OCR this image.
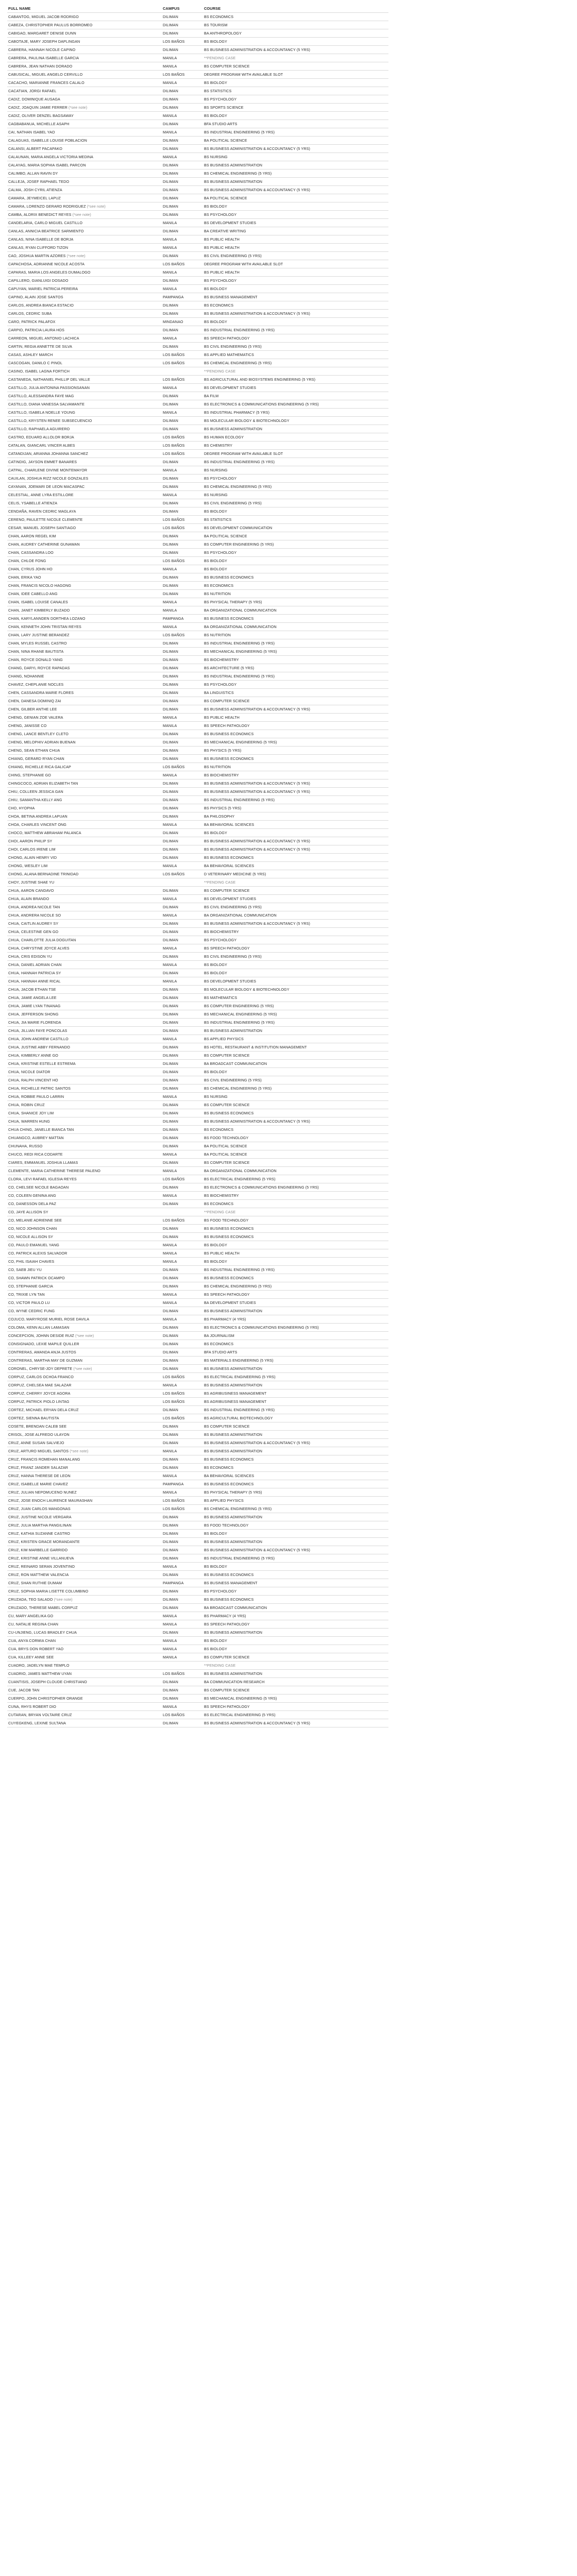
FULL NAME	CAMPUS	COURSE
CABANTOG, MIGUEL JACOB RODRIGO	DILIMAN	BS ECONOMICS
CABEZA, CHRISTOPHER PAULUS BORROMEO	DILIMAN	BS TOURISM
CABIGAO, MARGARET DENISE DUNN	DILIMAN	BA ANTHROPOLOGY
CABOTAJE, MARY JOSEPH DAPLINGAN	LOS BAÑOS	BS BIOLOGY
CABRERA, HANNAH NICOLE CAPINO	DILIMAN	BS BUSINESS ADMINISTRATION & ACCOUNTANCY (5 YRS)
CABRERA, PAULINA ISABELLE GARCIA	MANILA	**PENDING CASE
CABRERA, JEAN NATHAN DORADO	MANILA	BS COMPUTER SCIENCE
CABUSICAL, MIGUEL ANGELO CERVILLO	LOS BAÑOS	DEGREE PROGRAM WITH AVAILABLE SLOT
CACACHO, MARIANNE FRANCES CALALO	MANILA	BS BIOLOGY
CACATIAN, JORGI RAFAEL	DILIMAN	BS STATISTICS
CADIZ, DOMINIQUE AUSAGA	DILIMAN	BS PSYCHOLOGY
CADIZ, JOAQUIN JAMIE FERRER (*see note)	DILIMAN	BS SPORTS SCIENCE
CADIZ, OLIVER DENZEL BAGSAWAY	MANILA	BS BIOLOGY
CAGBABANUA, MICHELLE ASAPH	DILIMAN	BFA STUDIO ARTS
CAI, NATHAN ISABEL YAO	MANILA	BS INDUSTRIAL ENGINEERING (5 YRS)
CALAGUAS, ISABELLE LOUISE POBLACION	DILIMAN	BA POLITICAL SCIENCE
CALANSI, ALBERT PACAPAKO	DILIMAN	BS BUSINESS ADMINISTRATION & ACCOUNTANCY (5 YRS)
CALAUNAN, MARIA ANGELA VICTORIA MEDINA	MANILA	BS NURSING
CALAYAG, MARIA SOPHIA ISABEL PARCON	DILIMAN	BS BUSINESS ADMINISTRATION
CALIMBO, ALLAN RAVIN DY	DILIMAN	BS CHEMICAL ENGINEERING (5 YRS)
CALLEJA, JOSEF RAPHAEL TEDO	DILIMAN	BS BUSINESS ADMINISTRATION
CALMA, JOSH CYRIL ATIENZA	DILIMAN	BS BUSINESS ADMINISTRATION & ACCOUNTANCY (5 YRS)
CAMARA, JEYMEICEL LAPUZ	DILIMAN	BA POLITICAL SCIENCE
CAMARA, LORENZO GERARD RODRIGUEZ (*see note)	DILIMAN	BS BIOLOGY
CAMBA, ALDRIX BENEDICT REYES (*see note)	DILIMAN	BS PSYCHOLOGY
CANDELARIA, CARLO MIGUEL CASTILLO	MANILA	BS DEVELOPMENT STUDIES
CANLAS, ANNICIA BEATRICE SARMIENTO	DILIMAN	BA CREATIVE WRITING
CANLAS, NINA ISABELLE DE BORJA	MANILA	BS PUBLIC HEALTH
CANLAS, RYAN CLIFFORD TIZON	MANILA	BS PUBLIC HEALTH
CAO, JOSHUA MARTIN AZORES (*see note)	DILIMAN	BS CIVIL ENGINEERING (5 YRS)
CAPACHOSA, ADRIANNE NICOLE ACOSTA	LOS BAÑOS	DEGREE PROGRAM WITH AVAILABLE SLOT
CAPARAS, MARIA LOS ANGELES DUMALOGO	MANILA	BS PUBLIC HEALTH
CAPILLERO, GIANLUIGI DOSADO	DILIMAN	BS PSYCHOLOGY
CAPUYAN, MARIEL PATRICIA PEREIRA	MANILA	BS BIOLOGY
CAPINO, ALAIN JOSE SANTOS	PAMPANGA	BS BUSINESS MANAGEMENT
CARLOS, ANDREA BIANCA ESTACIO	DILIMAN	BS ECONOMICS
CARLOS, CEDRIC SUBA	DILIMAN	BS BUSINESS ADMINISTRATION & ACCOUNTANCY (5 YRS)
CARO, PATRICK PALAFOX	MINDANAO	BS BIOLOGY
CARPIO, PATRICIA LAURA HOS	DILIMAN	BS INDUSTRIAL ENGINEERING (5 YRS)
CARREON, MIGUEL ANTONIO LACHICA	MANILA	BS SPEECH PATHOLOGY
CARTIN, REGIA ANNETTE DE SILVA	DILIMAN	BS CIVIL ENGINEERING (5 YRS)
CASAS, ASHLEY MARCH	LOS BAÑOS	BS APPLIED MATHEMATICS
CASCOGAN, DANILO C PINOL	LOS BAÑOS	BS CHEMICAL ENGINEERING (5 YRS)
CASINO, ISABEL LAGNA FORTICH		**PENDING CASE
CASTANEDA, NATHANIEL PHILLIP DEL VALLE	LOS BAÑOS	BS AGRICULTURAL AND BIOSYSTEMS ENGINEERING (5 YRS)
CASTILLO, JULIA ANTONINA PASSIONSANAN	MANILA	BS DEVELOPMENT STUDIES
CASTILLO, ALESSANDRA FAYE MAG	DILIMAN	BA FILM
CASTILLO, DIANA VANESSA SALVAMANTE	DILIMAN	BS ELECTRONICS & COMMUNICATIONS ENGINEERING (5 YRS)
CASTILLO, ISABELA NOELLE YOUNG	MANILA	BS INDUSTRIAL PHARMACY (5 YRS)
CASTILLO, KRYSTEN RENEE SUBSECUENCIO	DILIMAN	BS MOLECULAR BIOLOGY & BIOTECHNOLOGY
CASTILLO, RAPHAELA AGUIRERO	DILIMAN	BS BUSINESS ADMINISTRATION
CASTRO, EDUARD ALLOLOR BORJA	LOS BAÑOS	BS HUMAN ECOLOGY
CATALAN, GIANCARL VINCER ALBES	LOS BAÑOS	BS CHEMISTRY
CATANDIJAN, ARIANNA JOHANNA SANCHEZ	LOS BAÑOS	DEGREE PROGRAM WITH AVAILABLE SLOT
CATINDIG, JAYSON EMMET BANARES	DILIMAN	BS INDUSTRIAL ENGINEERING (5 YRS)
CATPAL, CHARLENE DIVINE MONTEMAYOR	MANILA	BS NURSING
CAUILAN, JOSHUA RIZZ NICOLE GONZALES	DILIMAN	BS PSYCHOLOGY
CAYANAN, JOEMARI DE LEON MACASPAC	DILIMAN	BS CHEMICAL ENGINEERING (5 YRS)
CELESTIAL, ANNE LYRA ESTILLORE	MANILA	BS NURSING
CELIS, YSABELLE ATIENZA	DILIMAN	BS CIVIL ENGINEERING (5 YRS)
CENDAÑA, RAVEN CEDRIC MAGLAYA	DILIMAN	BS BIOLOGY
CERENO, PAULETTE NICOLE CLEMENTE	LOS BAÑOS	BS STATISTICS
CESAR, MANUEL JOSEPH SANTIAGO	LOS BAÑOS	BS DEVELOPMENT COMMUNICATION
CHAN, AARON REGEL KIM	DILIMAN	BA POLITICAL SCIENCE
CHAN, AUDREY CATHERINE GUNAWAN	DILIMAN	BS COMPUTER ENGINEERING (5 YRS)
CHAN, CASSANDRA LOO	DILIMAN	BS PSYCHOLOGY
CHAN, CHLOE FONG	LOS BAÑOS	BS BIOLOGY
CHAN, CYRUS JOHN HO	MANILA	BS BIOLOGY
CHAN, ERIKA YAO	DILIMAN	BS BUSINESS ECONOMICS
CHAN, FRANCIS NICOLO HAGONG	DILIMAN	BS ECONOMICS
CHAN, IDEE CABELLO ANG	DILIMAN	BS NUTRITION
CHAN, ISABEL LOUISE CANALES	MANILA	BS PHYSICAL THERAPY (5 YRS)
CHAN, JANET KIMBERLY BUZADO	MANILA	BA ORGANIZATIONAL COMMUNICATION
CHAN, KARYLANNDEN DORTHEA LOZANO	PAMPANGA	BS BUSINESS ECONOMICS
CHAN, KENNETH JOHN TRISTAN REYES	MANILA	BA ORGANIZATIONAL COMMUNICATION
CHAN, LARY JUSTINE BERANDEZ	LOS BAÑOS	BS NUTRITION
CHAN, MYLES RUSSEL CASTRO	DILIMAN	BS INDUSTRIAL ENGINEERING (5 YRS)
CHAN, NINA RHANE BAUTISTA	DILIMAN	BS MECHANICAL ENGINEERING (5 YRS)
CHAN, ROYCE DONALD YANG	DILIMAN	BS BIOCHEMISTRY
CHANG, DARYL ROYCE RAPADAS	DILIMAN	BS ARCHITECTURE (5 YRS)
CHANG, NOHANNIE	DILIMAN	BS INDUSTRIAL ENGINEERING (5 YRS)
CHAVEZ, CHEPLANIE NOCLES	DILIMAN	BS PSYCHOLOGY
CHEN, CASSANDRA MARIE FLORES	DILIMAN	BA LINGUISTICS
CHEN, DANESA DOMINIQ ZAI	DILIMAN	BS COMPUTER SCIENCE
CHEN, GILBER ANTHE LEE	DILIMAN	BS BUSINESS ADMINISTRATION & ACCOUNTANCY (5 YRS)
CHENG, GENIAN ZOE VALERA	MANILA	BS PUBLIC HEALTH
CHENG, JANISSE CO	MANILA	BS SPEECH PATHOLOGY
CHENG, LANCE BENTLEY CLETO	DILIMAN	BS BUSINESS ECONOMICS
CHENG, MELOPHIV ADRIAN BUENAN	DILIMAN	BS MECHANICAL ENGINEERING (5 YRS)
CHENG, SEAN ETHAN CHUA	DILIMAN	BS PHYSICS (5 YRS)
CHIANG, GERARD RYAN CHAN	DILIMAN	BS BUSINESS ECONOMICS
CHIANG, RICHELLE RICA GALICAP	LOS BAÑOS	BS NUTRITION
CHING, STEPHANIE GO	MANILA	BS BIOCHEMISTRY
CHINGCOCO, ADRIAN ELIZABETH TAN	DILIMAN	BS BUSINESS ADMINISTRATION & ACCOUNTANCY (5 YRS)
CHIU, COLLEEN JESSICA GAN	DILIMAN	BS BUSINESS ADMINISTRATION & ACCOUNTANCY (5 YRS)
CHIU, SAMANTHA KELLY ANG	DILIMAN	BS INDUSTRIAL ENGINEERING (5 YRS)
CHO, HYOPHA	DILIMAN	BS PHYSICS (5 YRS)
CHOA, BETINA ANDREA LAPUAN	DILIMAN	BA PHILOSOPHY
CHOA, CHARLES VINCENT ONG	MANILA	BA BEHAVIORAL SCIENCES
CHOCO, MATTHEW ABRAHAM PALANCA	DILIMAN	BS BIOLOGY
CHOI, AARON PHILIP SY	DILIMAN	BS BUSINESS ADMINISTRATION & ACCOUNTANCY (5 YRS)
CHOI, CARLOS IRENE LIM	DILIMAN	BS BUSINESS ADMINISTRATION & ACCOUNTANCY (5 YRS)
CHONG, ALAIN HENRY VID	DILIMAN	BS BUSINESS ECONOMICS
CHONG, WESLEY LIM	MANILA	BA BEHAVIORAL SCIENCES
CHONG, ALANA BERNADINE TRINIDAD	LOS BAÑOS	D VETERINARY MEDICINE (5 YRS)
CHOY, JUSTINE SHAE YU		**PENDING CASE
CHUA, AARON CANDAVO	DILIMAN	BS COMPUTER SCIENCE
CHUA, ALAIN BRANDO	MANILA	BS DEVELOPMENT STUDIES
CHUA, ANDREA NICOLE TAN	DILIMAN	BS CIVIL ENGINEERING (5 YRS)
CHUA, ANDRERA NICOLE SO	MANILA	BA ORGANIZATIONAL COMMUNICATION
CHUA, CAITLIN AUDREY SY	DILIMAN	BS BUSINESS ADMINISTRATION & ACCOUNTANCY (5 YRS)
CHUA, CELESTINE GEN GO	DILIMAN	BS BIOCHEMISTRY
CHUA, CHARLOTTE JULIA DOGUITAN	DILIMAN	BS PSYCHOLOGY
CHUA, CHRYSTINE JOYCE ALVES	MANILA	BS SPEECH PATHOLOGY
CHUA, CRIS EDISON YU	DILIMAN	BS CIVIL ENGINEERING (5 YRS)
CHUA, DANIEL ADRIAN CHAN	MANILA	BS BIOLOGY
CHUA, HANNAH PATRICIA SY	DILIMAN	BS BIOLOGY
CHUA, HANNAH ANNE RICAL	MANILA	BS DEVELOPMENT STUDIES
CHUA, JACOB ETHAN TSE	DILIMAN	BS MOLECULAR BIOLOGY & BIOTECHNOLOGY
CHUA, JAMIE ANGELA LEE	DILIMAN	BS MATHEMATICS
CHUA, JAMIE LYAN TINANAG	DILIMAN	BS COMPUTER ENGINEERING (5 YRS)
CHUA, JEFFERSON SHONG	DILIMAN	BS MECHANICAL ENGINEERING (5 YRS)
CHUA, JIA MARIE FLORENDA	DILIMAN	BS INDUSTRIAL ENGINEERING (5 YRS)
CHUA, JILLIAN FAYE PONCOLAS	DILIMAN	BS BUSINESS ADMINISTRATION
CHUA, JOHN ANDREW CASTILLO	MANILA	BS APPLIED PHYSICS
CHUA, JUSTINE ABBY FERNANDO	DILIMAN	BS HOTEL, RESTAURANT & INSTITUTION MANAGEMENT
CHUA, KIMBERLY ANNE GO	DILIMAN	BS COMPUTER SCIENCE
CHUA, KRISTINE ESTELLE ESTREMA	DILIMAN	BA BROADCAST COMMUNICATION
CHUA, NICOLE DIATOR	DILIMAN	BS BIOLOGY
CHUA, RALPH VINCENT HO	DILIMAN	BS CIVIL ENGINEERING (5 YRS)
CHUA, RICHELLE PATRIC SANTOS	DILIMAN	BS CHEMICAL ENGINEERING (5 YRS)
CHUA, ROBBIE PAULO LARRIN	MANILA	BS NURSING
CHUA, ROBIN CRUZ	DILIMAN	BS COMPUTER SCIENCE
CHUA, SHANICE JOY LIM	DILIMAN	BS BUSINESS ECONOMICS
CHUA, WARREN HUNG	DILIMAN	BS BUSINESS ADMINISTRATION & ACCOUNTANCY (5 YRS)
CHUA CHING, JANELLE BIANCA TAN	DILIMAN	BS ECONOMICS
CHUANGCO, AUBREY MATTAN	DILIMAN	BS FOOD TECHNOLOGY
CHUNAHA, RUSSO	DILIMAN	BA POLITICAL SCIENCE
CHUCO, REDI RICA CODARTE	MANILA	BA POLITICAL SCIENCE
CIARES, EMMANUEL JOSHUA LLAMAS	DILIMAN	BS COMPUTER SCIENCE
CLEMENTE, MARIA CATHERINE THERESE PALENO	MANILA	BA ORGANIZATIONAL COMMUNICATION
CLORA, LEVI RAFAEL IGLESIA REYES	LOS BAÑOS	BS ELECTRICAL ENGINEERING (5 YRS)
CO, CHELSEE NICOLE BAGAOAN	DILIMAN	BS ELECTRONICS & COMMUNICATIONS ENGINEERING (5 YRS)
CO, COLEEN GENINA ANG	MANILA	BS BIOCHEMISTRY
CO, DANESSON DELA PAZ	DILIMAN	BS ECONOMICS
CO, JAYE ALLISON SY		**PENDING CASE
CO, MELANIE ADRIENNE SEE	LOS BAÑOS	BS FOOD TECHNOLOGY
CO, NICO JOHNSON CHAN	DILIMAN	BS BUSINESS ECONOMICS
CO, NICOLE ALLISON SY	DILIMAN	BS BUSINESS ECONOMICS
CO, PAULO EMANUEL YANG	MANILA	BS BIOLOGY
CO, PATRICK ALEXIS SALVADOR	MANILA	BS PUBLIC HEALTH
CO, PHIL ISAIAH CHAVES	MANILA	BS BIOLOGY
CO, SAEB JIEU YU	DILIMAN	BS INDUSTRIAL ENGINEERING (5 YRS)
CO, SHAWN PATRICK OCAMPO	DILIMAN	BS BUSINESS ECONOMICS
CO, STEPHANIE GARCIA	DILIMAN	BS CHEMICAL ENGINEERING (5 YRS)
CO, TRIXIE LYN TAN	MANILA	BS SPEECH PATHOLOGY
CO, VICTOR PAULO LU	MANILA	BA DEVELOPMENT STUDIES
CO, WYNE CEDRIC FUNG	DILIMAN	BS BUSINESS ADMINISTRATION
COJUCO, MARYROSE MURIEL ROSE DAVILA	MANILA	BS PHARMACY (4 YRS)
COLOMA, KENN ALLAN LAMASAN	DILIMAN	BS ELECTRONICS & COMMUNICATIONS ENGINEERING (5 YRS)
CONCEPCION, JOHNN DESIDE RUIZ (*see note)	DILIMAN	BA JOURNALISM
CONSIGNADO, LEXIE MAPILE QUILLER	DILIMAN	BS ECONOMICS
CONTRERAS, AMANDA ANJA JUSTOS	DILIMAN	BFA STUDIO ARTS
CONTRERAS, MARTHA MAY DE GUZMAN	DILIMAN	BS MATERIALS ENGINEERING (5 YRS)
CORONEL, CHRYSE-JOY DEPRETE (*see note)	DILIMAN	BS BUSINESS ADMINISTRATION
CORPUZ, CARLOS OCHOA FRANCO	LOS BAÑOS	BS ELECTRICAL ENGINEERING (5 YRS)
CORPUZ, CHELSEA MAE SALAZAR	MANILA	BS BUSINESS ADMINISTRATION
CORPUZ, CHERRY JOYCE AGORA	LOS BAÑOS	BS AGRIBUSINESS MANAGEMENT
CORPUZ, PATRICK PIOLO LINTAG	LOS BAÑOS	BS AGRIBUSINESS MANAGEMENT
CORTEZ, MICHAEL ERYAN DELA CRUZ	DILIMAN	BS INDUSTRIAL ENGINEERING (5 YRS)
CORTEZ, SIENNA BAUTISTA	LOS BAÑOS	BS AGRICULTURAL BIOTECHNOLOGY
COSETE, BRENDAN CALEB SEE	DILIMAN	BS COMPUTER SCIENCE
CRISOL, JOSE ALFREDO ULAYON	DILIMAN	BS BUSINESS ADMINISTRATION
CRUZ, ANNE SUSAN SALVIEJO	DILIMAN	BS BUSINESS ADMINISTRATION & ACCOUNTANCY (5 YRS)
CRUZ, ARTURO MIGUEL SANTOS (*see note)	MANILA	BS BUSINESS ADMINISTRATION
CRUZ, FRANCIS ROMEHAN MANALANG	DILIMAN	BS BUSINESS ECONOMICS
CRUZ, FRANZ JANDER SALAZAR	DILIMAN	BS ECONOMICS
CRUZ, HANNA THERESE DE LEON	MANILA	BA BEHAVIORAL SCIENCES
CRUZ, ISABELLE MARIE CHAVEZ	PAMPANGA	BS BUSINESS ECONOMICS
CRUZ, JULIAN NEPOMUCENO NUNEZ	MANILA	BS PHYSICAL THERAPY (5 YRS)
CRUZ, JOSE ENOCH LAURENCE MAURASHAN	LOS BAÑOS	BS APPLIED PHYSICS
CRUZ, JUAN CARLOS MANGONAS	LOS BAÑOS	BS CHEMICAL ENGINEERING (5 YRS)
CRUZ, JUSTINE NICOLE VERGARA	DILIMAN	BS BUSINESS ADMINISTRATION
CRUZ, JULIA MARTHA PANGILINAN	DILIMAN	BS FOOD TECHNOLOGY
CRUZ, KATHIA SUZANNE CASTRO	DILIMAN	BS BIOLOGY
CRUZ, KRISTEN GRACE MORANDANTE	DILIMAN	BS BUSINESS ADMINISTRATION
CRUZ, KIM MARBELLE GARRIDO	DILIMAN	BS BUSINESS ADMINISTRATION & ACCOUNTANCY (5 YRS)
CRUZ, KRISTINE ANNE VILLANUEVA	DILIMAN	BS INDUSTRIAL ENGINEERING (5 YRS)
CRUZ, REINARD SERAN JOVENTINO	MANILA	BS BIOLOGY
CRUZ, RON MATTHEW VALENCIA	DILIMAN	BS BUSINESS ECONOMICS
CRUZ, SHAN RUTHIE DUMAM	PAMPANGA	BS BUSINESS MANAGEMENT
CRUZ, SOPHIA MARIA LISETTE COLUMBINO	DILIMAN	BS PSYCHOLOGY
CRUZADA, TEO SALADO (*see note)	DILIMAN	BS BUSINESS ECONOMICS
CRUZADO, THERESE MABEL CORPUZ	DILIMAN	BA BROADCAST COMMUNICATION
CU, MARY ANGELIKA GO	MANILA	BS PHARMACY (4 YRS)
CU, NATALIE REGINA CHAN	MANILA	BS SPEECH PATHOLOGY
CU-UNJIENG, LUCAS BRADLEY CHUA	DILIMAN	BS BUSINESS ADMINISTRATION
CUA, ANYA CORMIA CHAN	MANILA	BS BIOLOGY
CUA, BRYS DON ROBERT YAO	MANILA	BS BIOLOGY
CUA, KILLEEY ANNE SEE	MANILA	BS COMPUTER SCIENCE
CUADRO, JADELYN MAE TEMPLO		**PENDING CASE
CUADRIO, JAMES MATTHEW UYAN	LOS BAÑOS	BS BUSINESS ADMINISTRATION
CUANTISIS, JOSEPH CLOUDE CHRISTIANO	DILIMAN	BA COMMUNICATION RESEARCH
CUE, JACOB TAN	DILIMAN	BS COMPUTER SCIENCE
CUERPO, JOHN CHRISTOPHER ORANGE	DILIMAN	BS MECHANICAL ENGINEERING (5 YRS)
CUNA, RHYS ROBERT DIO	MANILA	BS SPEECH PATHOLOGY
CUTARAN, BRYAN VOLTAIRE CRUZ	LOS BAÑOS	BS ELECTRICAL ENGINEERING (5 YRS)
CUYEGKENG, LEXINE SULTANA	DILIMAN	BS BUSINESS ADMINISTRATION & ACCOUNTANCY (5 YRS)
